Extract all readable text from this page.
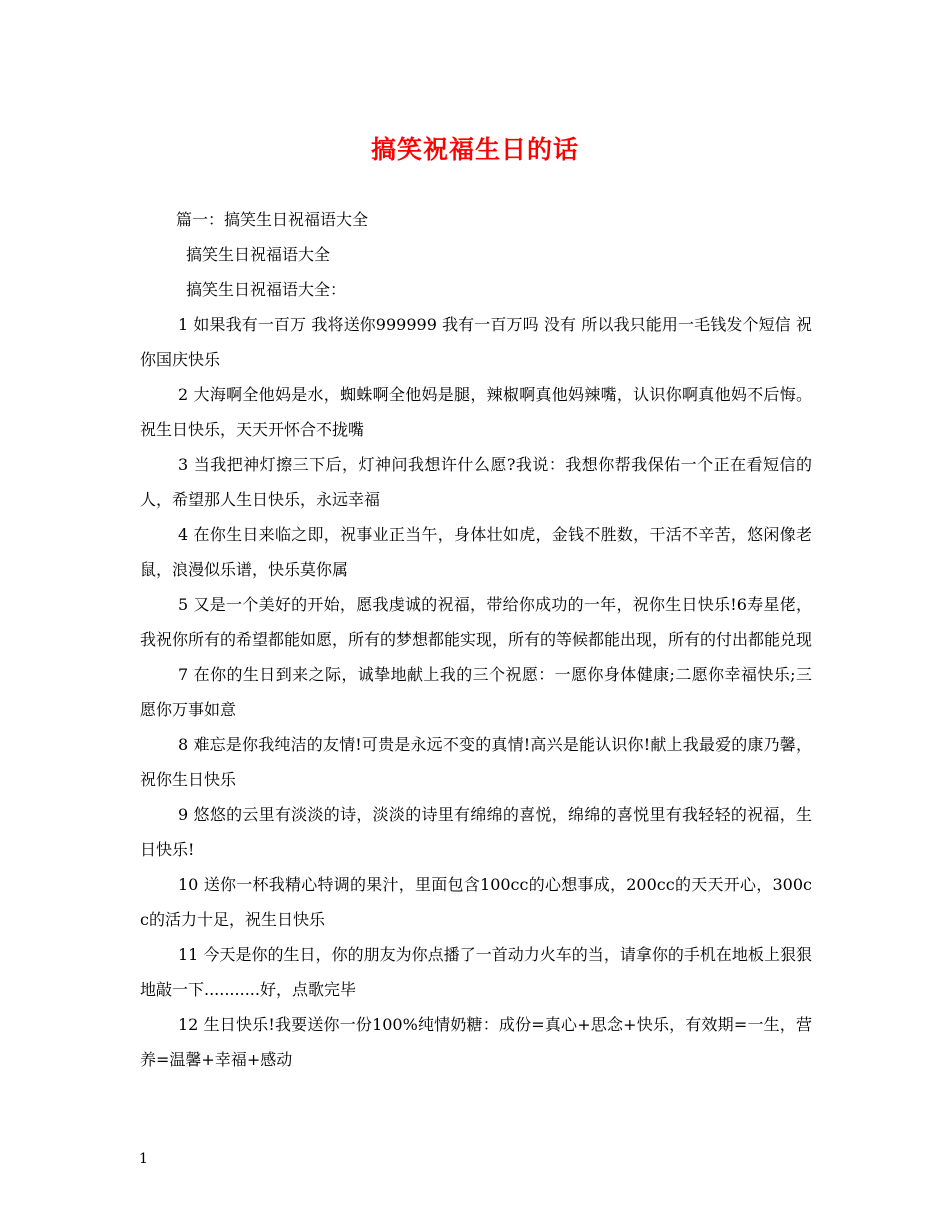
搞笑祝福生日的话

篇一：搞笑生日祝福语大全

搞笑生日祝福语大全

搞笑生日祝福语大全：

1 如果我有一百万 我将送你999999 我有一百万吗 没有 所以我只能用一毛钱发个短信 祝你国庆快乐

2 大海啊全他妈是水，蜘蛛啊全他妈是腿，辣椒啊真他妈辣嘴，认识你啊真他妈不后悔。祝生日快乐，天天开怀合不拢嘴

3 当我把神灯擦三下后，灯神问我想许什么愿?我说：我想你帮我保佑一个正在看短信的人，希望那人生日快乐，永远幸福

4 在你生日来临之即，祝事业正当午，身体壮如虎，金钱不胜数，干活不辛苦，悠闲像老鼠，浪漫似乐谱，快乐莫你属

5 又是一个美好的开始，愿我虔诚的祝福，带给你成功的一年，祝你生日快乐!6寿星佬，我祝你所有的希望都能如愿，所有的梦想都能实现，所有的等候都能出现，所有的付出都能兑现

7 在你的生日到来之际，诚挚地献上我的三个祝愿：一愿你身体健康;二愿你幸福快乐;三愿你万事如意

8 难忘是你我纯洁的友情!可贵是永远不变的真情!高兴是能认识你!献上我最爱的康乃馨，祝你生日快乐

9 悠悠的云里有淡淡的诗，淡淡的诗里有绵绵的喜悦，绵绵的喜悦里有我轻轻的祝福，生日快乐!

10 送你一杯我精心特调的果汁，里面包含100cc的心想事成，200cc的天天开心，300cc的活力十足，祝生日快乐

11 今天是你的生日，你的朋友为你点播了一首动力火车的当，请拿你的手机在地板上狠狠地敲一下...........好，点歌完毕

12 生日快乐!我要送你一份100%纯情奶糖：成份=真心+思念+快乐，有效期=一生，营养=温馨+幸福+感动

1
